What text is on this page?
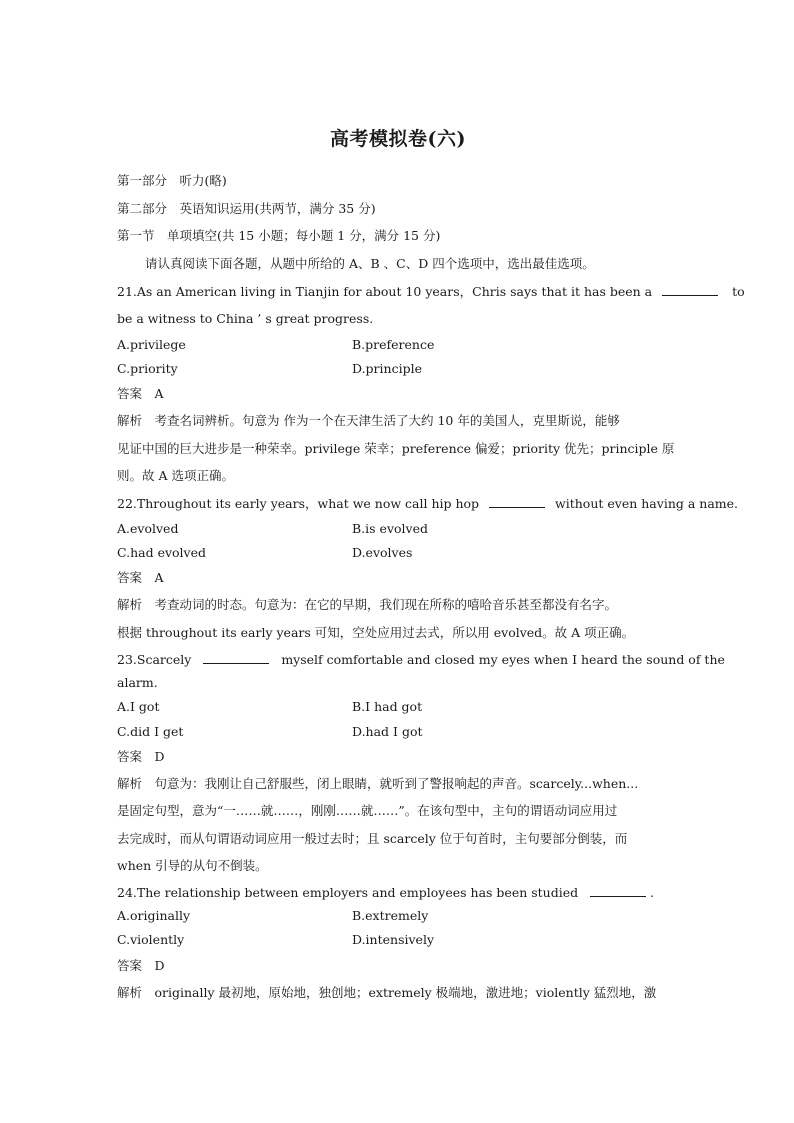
高考模拟卷(六)
第一部分　听力(略)
第二部分　英语知识运用(共两节，满分 35 分)
第一节　单项填空(共 15 小题；每小题 1 分，满分 15 分)
请认真阅读下面各题，从题中所给的 A、B 、C、D 四个选项中，选出最佳选项。
21.As an American living in Tianjin for about 10 years，Chris says that it has been a	to
be a witness to China ’ s great progress.
A.privilege	B.preference
C.priority	D.principle
答案　A
解析　考查名词辨析。句意为 作为一个在天津生活了大约 10 年的美国人，克里斯说，能够
见证中国的巨大进步是一种荣幸。privilege 荣幸；preference 偏爱；priority 优先；principle 原
则。故 A 选项正确。
22.Throughout its early years，what we now call hip hop	without even having a name.
A.evolved	B.is evolved
C.had evolved	D.evolves
答案　A
解析　考查动词的时态。句意为：在它的早期，我们现在所称的嘻哈音乐甚至都没有名字。
根据 throughout its early years 可知，空处应用过去式，所以用 evolved。故 A 项正确。
23.Scarcely	myself comfortable and closed my eyes when I heard the sound of the
alarm.
A.I got	B.I had got
C.did I get	D.had I got
答案　D
解析　句意为：我刚让自己舒服些，闭上眼睛，就听到了警报响起的声音。scarcely...when...
是固定句型，意为“一……就……，刚刚……就……”。在该句型中，主句的谓语动词应用过
去完成时，而从句谓语动词应用一般过去时；且 scarcely 位于句首时，主句要部分倒装，而
when 引导的从句不倒装。
24.The relationship between employers and employees has been studied	.
A.originally	B.extremely
C.violently	D.intensively
答案　D
解析　originally 最初地，原始地，独创地；extremely 极端地，激进地；violently 猛烈地，激
